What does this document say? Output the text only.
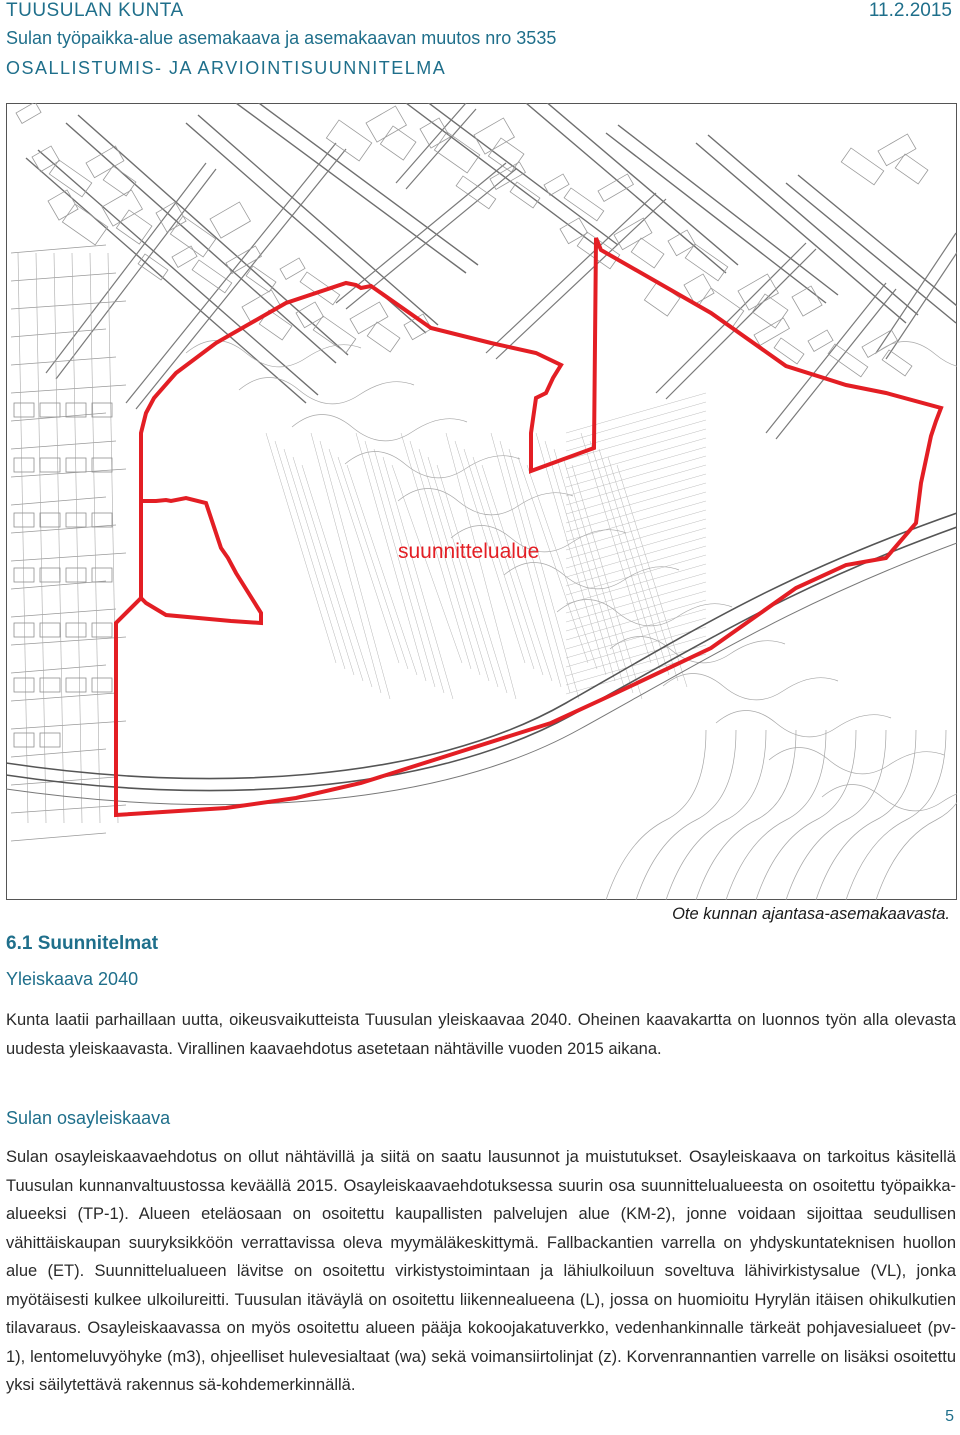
TUUSULAN KUNTA	11.2.2015
Sulan työpaikka-alue asemakaava ja asemakaavan muutos nro 3535
OSALLISTUMIS- JA ARVIOINTISUUNNITELMA
suunnittelualue
Ote kunnan ajantasa-asemakaavasta.
6.1 Suunnitelmat
Yleiskaava 2040
Kunta laatii parhaillaan uutta, oikeusvaikutteista Tuusulan yleiskaavaa 2040. Oheinen kaavakartta on luonnos työn alla olevasta uudesta yleiskaavasta. Virallinen kaavaehdotus asetetaan nähtäville vuoden 2015 aikana.
Sulan osayleiskaava
Sulan osayleiskaavaehdotus on ollut nähtävillä ja siitä on saatu lausunnot ja muistutukset. Osayleiskaava on tarkoitus käsitellä Tuusulan kunnanvaltuustossa keväällä 2015. Osayleiskaavaehdotuksessa suurin osa suunnittelualueesta on osoitettu työpaikka-alueeksi (TP-1). Alueen eteläosaan on osoitettu kaupallisten palvelujen alue (KM-2), jonne voidaan sijoittaa seudullisen vähittäiskaupan suuryksikköön verrattavissa oleva myymäläkeskittymä. Fallbackantien varrella on yhdyskuntateknisen huollon alue (ET). Suunnittelualueen lävitse on osoitettu virkistystoimintaan ja lähiulkoiluun soveltuva lähivirkistysalue (VL), jonka myötäisesti kulkee ulkoilureitti. Tuusulan itäväylä on osoitettu liikennealueena (L), jossa on huomioitu Hyrylän itäisen ohikulkutien tilavaraus. Osayleiskaavassa on myös osoitettu alueen pääja kokoojakatuverkko, vedenhankinnalle tärkeät pohjavesialueet (pv-1), lentomeluvyöhyke (m3), ohjeelliset hulevesialtaat (wa) sekä voimansiirtolinjat (z). Korvenrannantien varrelle on lisäksi osoitettu yksi säilytettävä rakennus sä-kohdemerkinnällä.
5
